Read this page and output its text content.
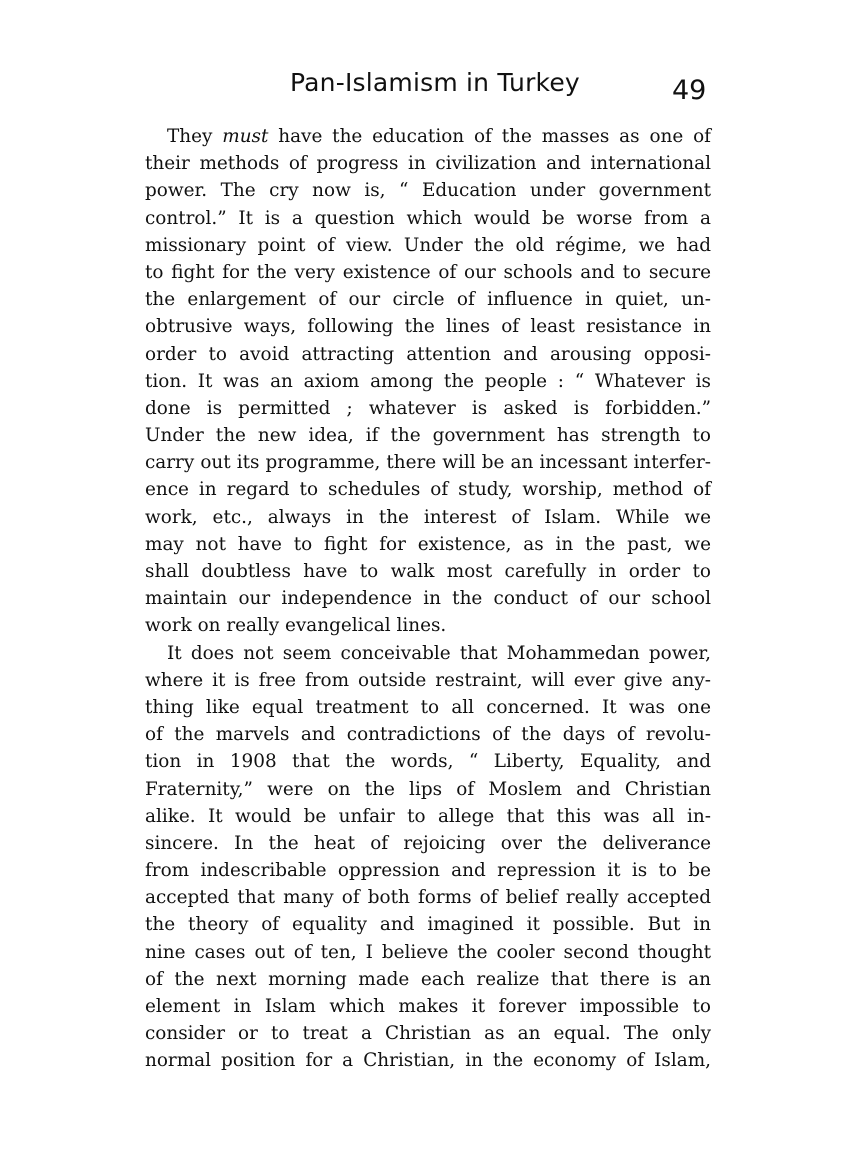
Pan-Islamism in Turkey	49
They must have the education of the masses as one of
their methods of progress in civilization and international
power. The cry now is, “ Education under government
control.” It is a question which would be worse from a
missionary point of view. Under the old régime, we had
to fight for the very existence of our schools and to secure
the enlargement of our circle of influence in quiet, un-
obtrusive ways, following the lines of least resistance in
order to avoid attracting attention and arousing opposi-
tion. It was an axiom among the people : “ Whatever is
done is permitted ; whatever is asked is forbidden.”
Under the new idea, if the government has strength to
carry out its programme, there will be an incessant interfer-
ence in regard to schedules of study, worship, method of
work, etc., always in the interest of Islam. While we
may not have to fight for existence, as in the past, we
shall doubtless have to walk most carefully in order to
maintain our independence in the conduct of our school
work on really evangelical lines.
It does not seem conceivable that Mohammedan power,
where it is free from outside restraint, will ever give any-
thing like equal treatment to all concerned. It was one
of the marvels and contradictions of the days of revolu-
tion in 1908 that the words, “ Liberty, Equality, and
Fraternity,” were on the lips of Moslem and Christian
alike. It would be unfair to allege that this was all in-
sincere. In the heat of rejoicing over the deliverance
from indescribable oppression and repression it is to be
accepted that many of both forms of belief really accepted
the theory of equality and imagined it possible. But in
nine cases out of ten, I believe the cooler second thought
of the next morning made each realize that there is an
element in Islam which makes it forever impossible to
consider or to treat a Christian as an equal. The only
normal position for a Christian, in the economy of Islam,
